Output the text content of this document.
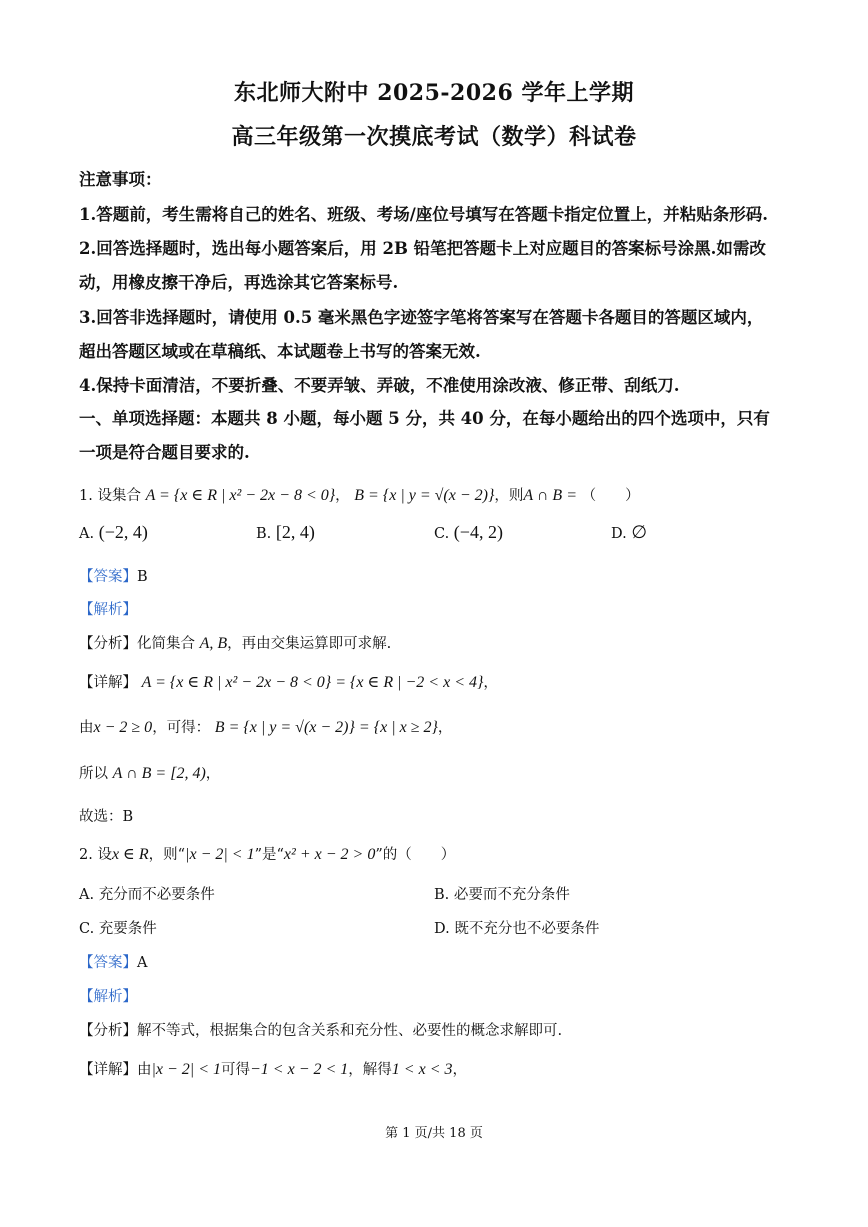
东北师大附中 2025-2026 学年上学期
高三年级第一次摸底考试（数学）科试卷
注意事项：
1.答题前，考生需将自己的姓名、班级、考场/座位号填写在答题卡指定位置上，并粘贴条形码.
2.回答选择题时，选出每小题答案后，用 2B 铅笔把答题卡上对应题目的答案标号涂黑.如需改
动，用橡皮擦干净后，再选涂其它答案标号.
3.回答非选择题时，请使用 0.5 毫米黑色字迹签字笔将答案写在答题卡各题目的答题区域内，
超出答题区域或在草稿纸、本试题卷上书写的答案无效.
4.保持卡面清洁，不要折叠、不要弄皱、弄破，不准使用涂改液、修正带、刮纸刀.
一、单项选择题：本题共 8 小题，每小题 5 分，共 40 分，在每小题给出的四个选项中，只有
一项是符合题目要求的.
1. 设集合 A = {x ∈ R | x² − 2x − 8 < 0}， B = {x | y = √(x − 2)}，则A ∩ B = （　　）
A. (−2, 4)	B. [2, 4)	C. (−4, 2)	D. ∅
【答案】B
【解析】
【分析】化简集合 A, B，再由交集运算即可求解.
【详解】 A = {x ∈ R | x² − 2x − 8 < 0} = {x ∈ R | −2 < x < 4}，
由x − 2 ≥ 0，可得： B = {x | y = √(x − 2)} = {x | x ≥ 2}，
所以 A ∩ B = [2, 4)，
故选：B
2. 设x ∈ R，则“|x − 2| < 1”是“x² + x − 2 > 0”的（　　）
A. 充分而不必要条件	B. 必要而不充分条件
C. 充要条件	D. 既不充分也不必要条件
【答案】A
【解析】
【分析】解不等式，根据集合的包含关系和充分性、必要性的概念求解即可.
【详解】由|x − 2| < 1可得−1 < x − 2 < 1，解得1 < x < 3，
第 1 页/共 18 页
